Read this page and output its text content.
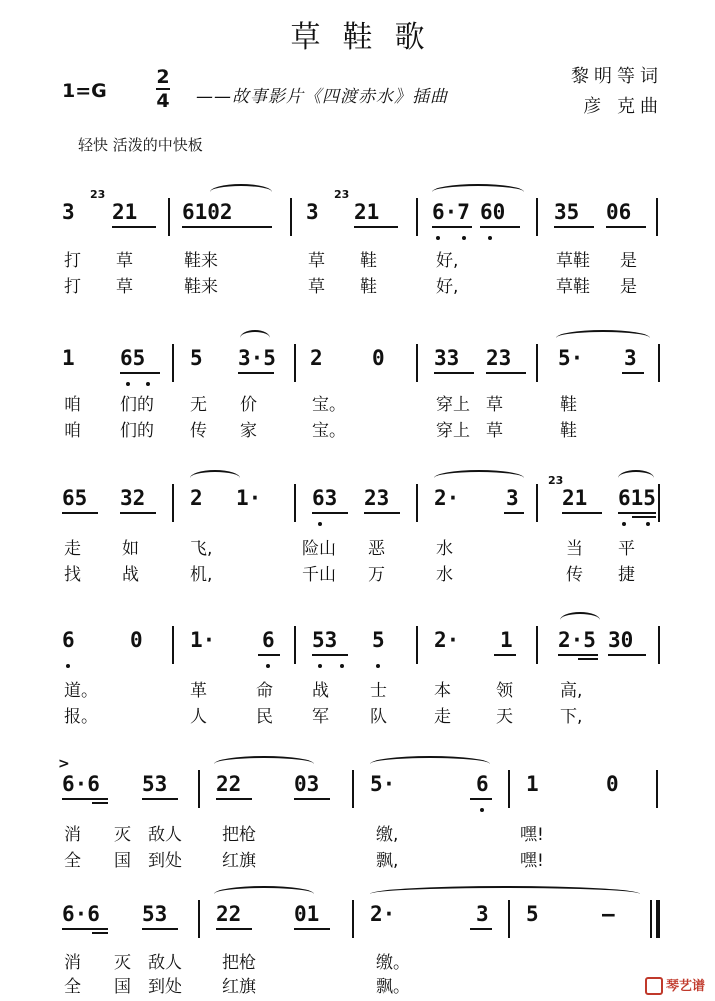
草鞋歌
1=G
2
4 ——故事影片《四渡赤水》插曲
黎明等词
彦 克曲
轻快 活泼的中快板
3
23
21 6102	3
23
21	6·7 60 35 06
打 草	鞋来	草 鞋	好,	草鞋 是
打 草	鞋来	草 鞋	好,	草鞋 是
1 65 5 3·5 2 0 33 23 5· 3
咱 们的 无 价	宝。	穿上 草	鞋
咱 们的 传 家	宝。	穿上 草	鞋
65 32 2 1· 63 23 2· 3
23
21 615
走 如	飞,	险山 恶	水	当 平
找 战	机,	千山 万	水	传 捷
6	0 1· 6 53 5 2· 1 2·5 30
道。	革	命 战 士	本	领	高,
报。	人	民 军 队	走	天	下,
>
6·6 53 22	03 5·	6 1	0
消 灭 敌人 把枪	缴,	嘿!
全 国 到处 红旗	飘,	嘿!
6·6 53 22	01 2·	3 5	—
消 灭 敌人 把枪	缴。
全 国 到处 红旗	飘。	琴艺谱
